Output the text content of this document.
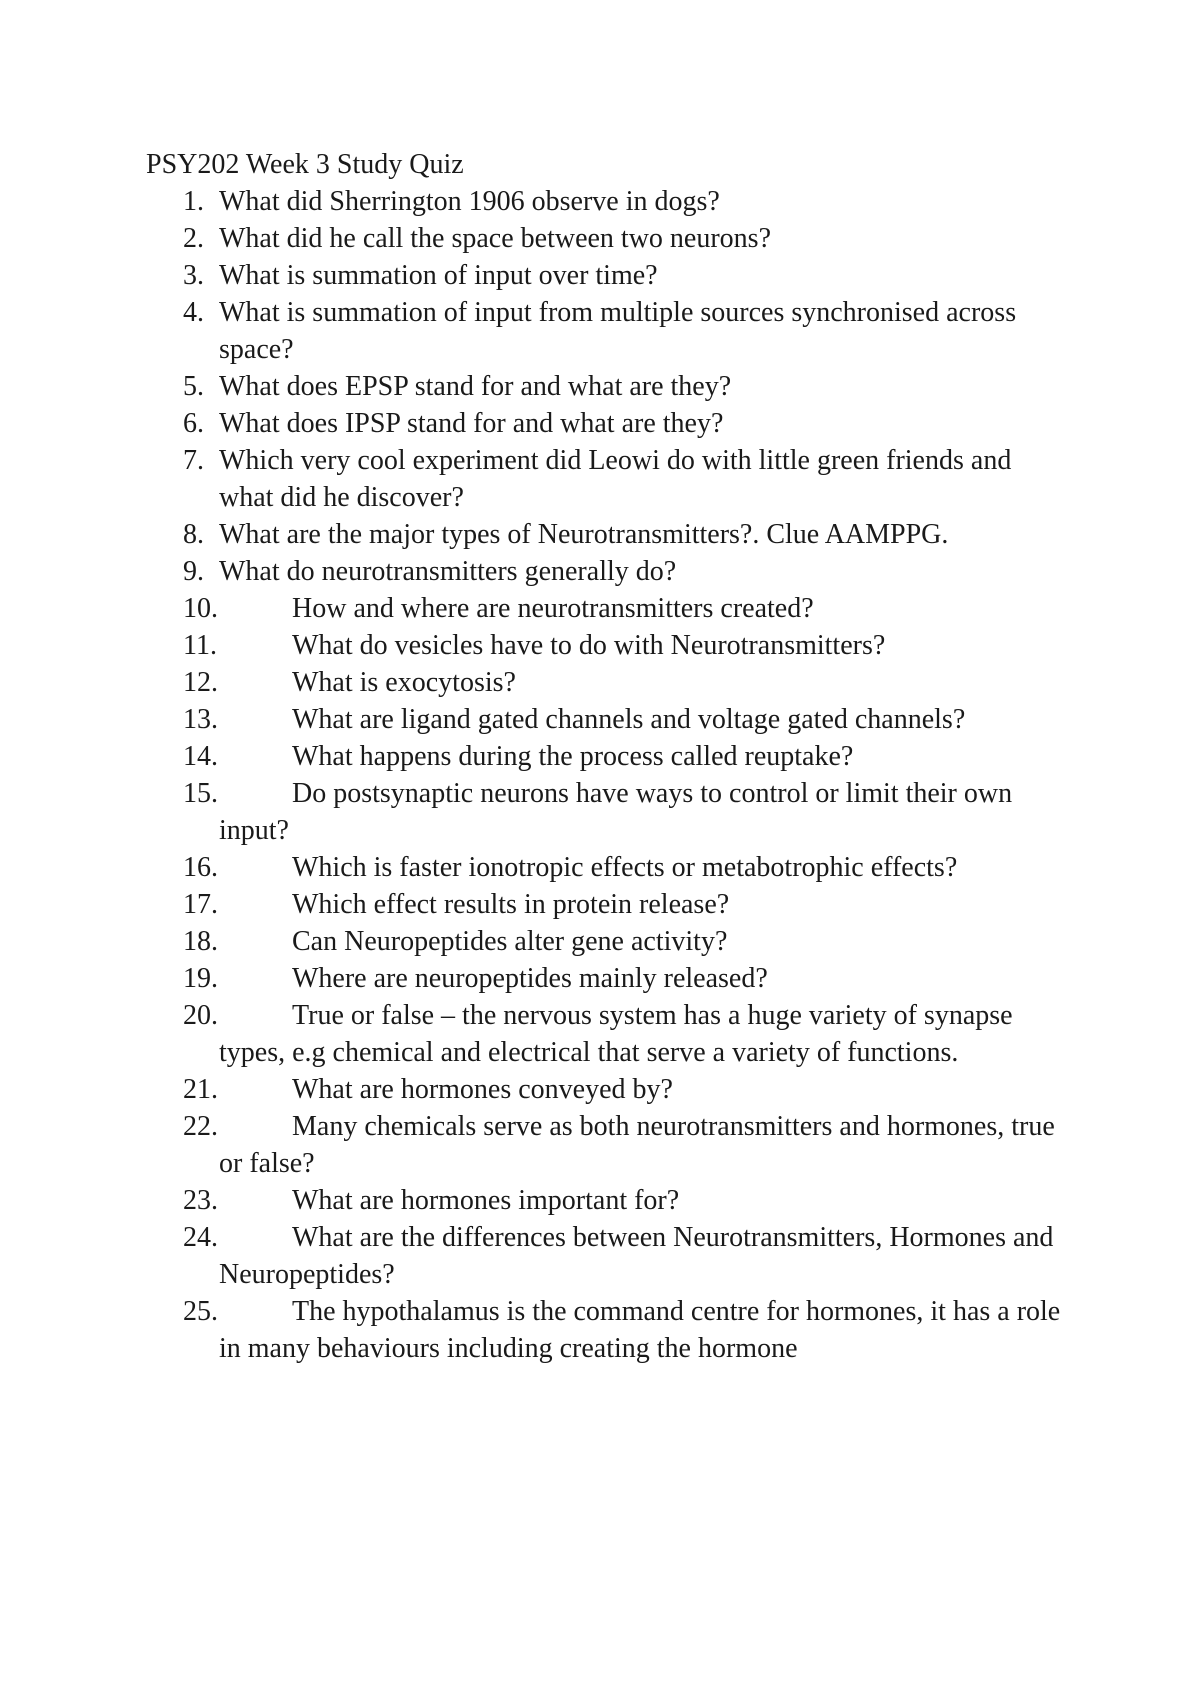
PSY202 Week 3 Study Quiz
1. What did Sherrington 1906 observe in dogs?
2. What did he call the space between two neurons?
3. What is summation of input over time?
4. What is summation of input from multiple sources synchronised across space?
5. What does EPSP stand for and what are they?
6. What does IPSP stand for and what are they?
7. Which very cool experiment did Leowi do with little green friends and what did he discover?
8. What are the major types of Neurotransmitters?. Clue AAMPPG.
9. What do neurotransmitters generally do?
10.	How and where are neurotransmitters created?
11.	What do vesicles have to do with Neurotransmitters?
12.	What is exocytosis?
13.	What are ligand gated channels and voltage gated channels?
14.	What happens during the process called reuptake?
15.	Do postsynaptic neurons have ways to control or limit their own input?
16.	Which is faster ionotropic effects or metabotrophic effects?
17.	Which effect results in protein release?
18.	Can Neuropeptides alter gene activity?
19.	Where are neuropeptides mainly released?
20.	True or false – the nervous system has a huge variety of synapse types, e.g chemical and electrical that serve a variety of functions.
21.	What are hormones conveyed by?
22.	Many chemicals serve as both neurotransmitters and hormones, true or false?
23.	What are hormones important for?
24.	What are the differences between Neurotransmitters, Hormones and Neuropeptides?
25.	The hypothalamus is the command centre for hormones, it has a role in many behaviours including creating the hormone
